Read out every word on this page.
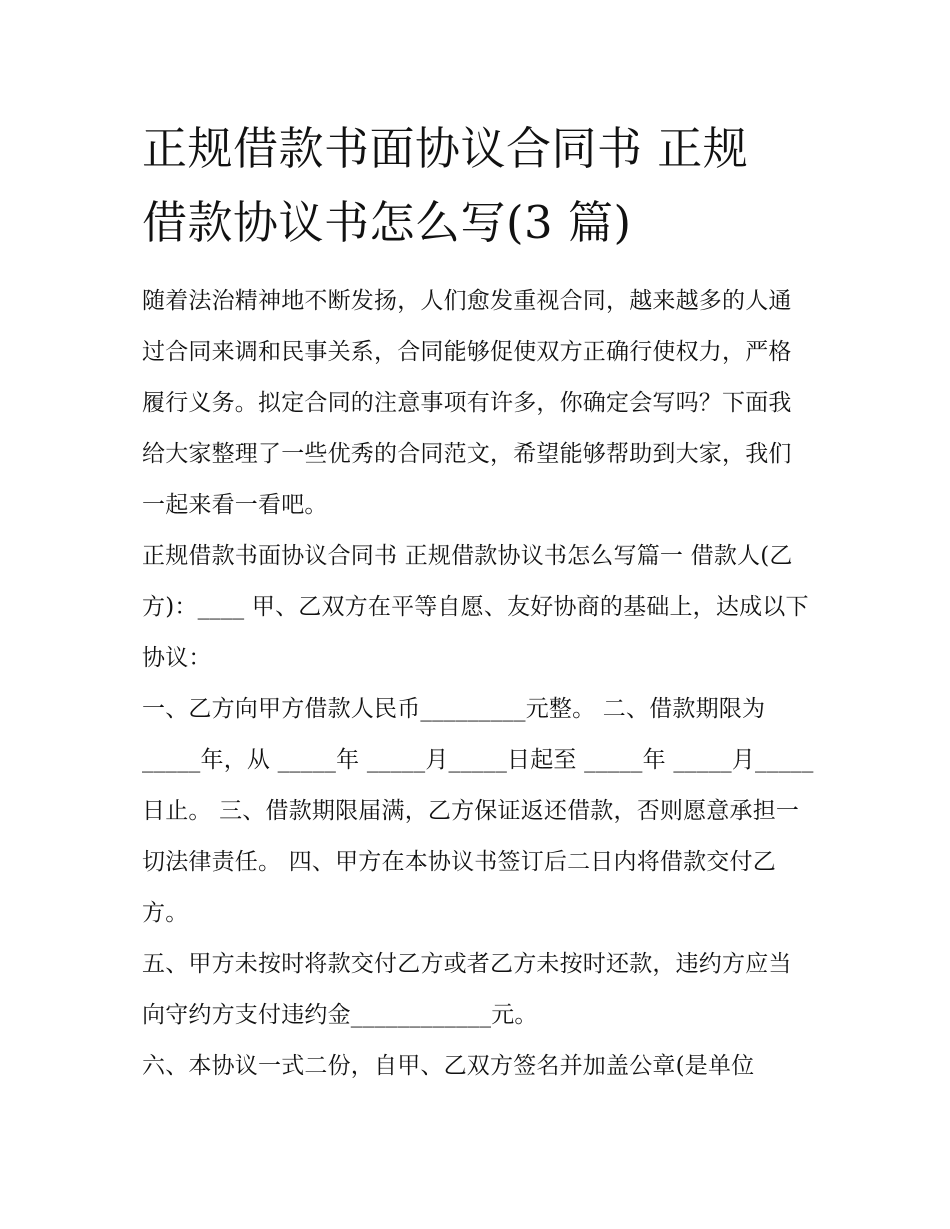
正规借款书面协议合同书 正规
借款协议书怎么写(3 篇)

随着法治精神地不断发扬，人们愈发重视合同，越来越多的人通过合同来调和民事关系，合同能够促使双方正确行使权力，严格履行义务。拟定合同的注意事项有许多，你确定会写吗？下面我给大家整理了一些优秀的合同范文，希望能够帮助到大家，我们一起来看一看吧。

正规借款书面协议合同书 正规借款协议书怎么写篇一 借款人(乙方)：____ 甲、乙双方在平等自愿、友好协商的基础上，达成以下协议：

一、乙方向甲方借款人民币_________元整。 二、借款期限为_____年，从 _____年 _____月_____日起至 _____年 _____月_____日止。 三、借款期限届满，乙方保证返还借款，否则愿意承担一切法律责任。 四、甲方在本协议书签订后二日内将借款交付乙方。

五、甲方未按时将款交付乙方或者乙方未按时还款，违约方应当向守约方支付违约金____________元。

六、本协议一式二份，自甲、乙双方签名并加盖公章(是单位
